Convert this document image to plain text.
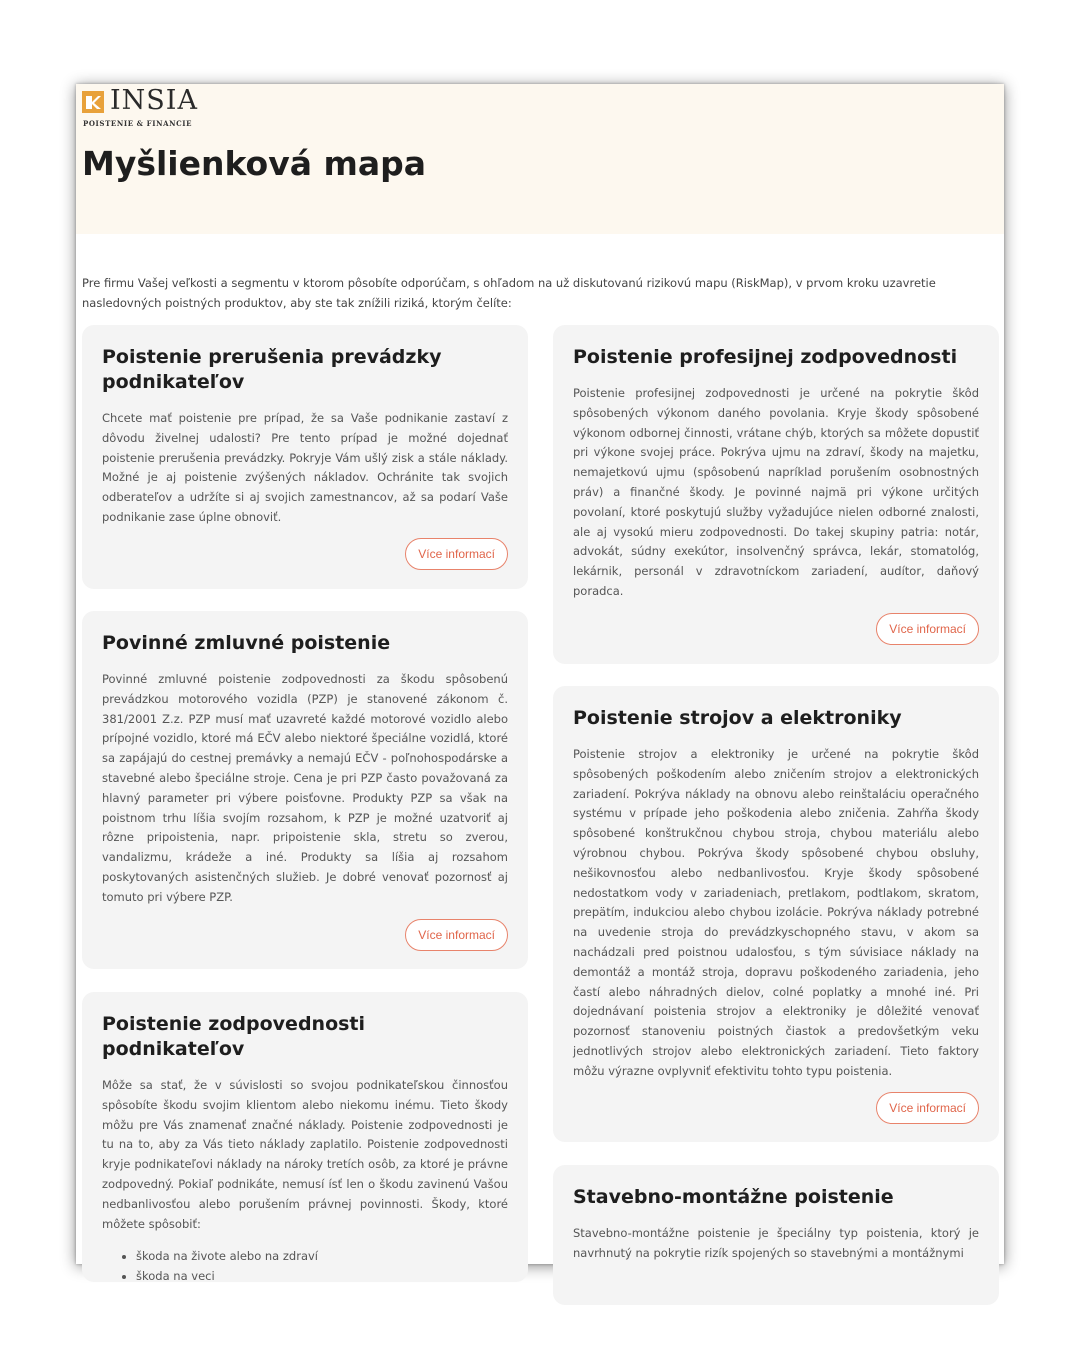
INSIA
POISTENIE & FINANCIE
Myšlienková mapa

Pre firmu Vašej veľkosti a segmentu v ktorom pôsobíte odporúčam, s ohľadom na už diskutovanú rizikovú mapu (RiskMap), v prvom kroku uzavretie nasledovných poistných produktov, aby ste tak znížili riziká, ktorým čelíte:

Poistenie prerušenia prevádzky podnikateľov

Chcete mať poistenie pre prípad, že sa Vaše podnikanie zastaví z dôvodu živelnej udalosti? Pre tento prípad je možné dojednať poistenie prerušenia prevádzky. Pokryje Vám ušlý zisk a stále náklady. Možné je aj poistenie zvýšených nákladov. Ochránite tak svojich odberateľov a udržíte si aj svojich zamestnancov, až sa podarí Vaše podnikanie zase úplne obnoviť.

Více informací
Povinné zmluvné poistenie

Povinné zmluvné poistenie zodpovednosti za škodu spôsobenú prevádzkou motorového vozidla (PZP) je stanovené zákonom č. 381/2001 Z.z. PZP musí mať uzavreté každé motorové vozidlo alebo prípojné vozidlo, ktoré má EČV alebo niektoré špeciálne vozidlá, ktoré sa zapájajú do cestnej premávky a nemajú EČV - poľnohospodárske a stavebné alebo špeciálne stroje. Cena je pri PZP často považovaná za hlavný parameter pri výbere poisťovne. Produkty PZP sa však na poistnom trhu líšia svojím rozsahom, k PZP je možné uzatvoriť aj rôzne pripoistenia, napr. pripoistenie skla, stretu so zverou, vandalizmu, krádeže a iné. Produkty sa líšia aj rozsahom poskytovaných asistenčných služieb. Je dobré venovať pozornosť aj tomuto pri výbere PZP.

Více informací
Poistenie zodpovednosti podnikateľov

Môže sa stať, že v súvislosti so svojou podnikateľskou činnosťou spôsobíte škodu svojim klientom alebo niekomu inému. Tieto škody môžu pre Vás znamenať značné náklady. Poistenie zodpovednosti je tu na to, aby za Vás tieto náklady zaplatilo. Poistenie zodpovednosti kryje podnikateľovi náklady na nároky tretích osôb, za ktoré je právne zodpovedný. Pokiaľ podnikáte, nemusí ísť len o škodu zavinenú Vašou nedbanlivosťou alebo porušením právnej povinnosti. Škody, ktoré môžete spôsobiť:

• škoda na živote alebo na zdraví
• škoda na veci
Poistenie profesijnej zodpovednosti

Poistenie profesijnej zodpovednosti je určené na pokrytie škôd spôsobených výkonom daného povolania. Kryje škody spôsobené výkonom odbornej činnosti, vrátane chýb, ktorých sa môžete dopustiť pri výkone svojej práce. Pokrýva ujmu na zdraví, škody na majetku, nemajetkovú ujmu (spôsobenú napríklad porušením osobnostných práv) a finančné škody. Je povinné najmä pri výkone určitých povolaní, ktoré poskytujú služby vyžadujúce nielen odborné znalosti, ale aj vysokú mieru zodpovednosti. Do takej skupiny patria: notár, advokát, súdny exekútor, insolvenčný správca, lekár, stomatológ, lekárnik, personál v zdravotníckom zariadení, audítor, daňový poradca.

Více informací
Poistenie strojov a elektroniky

Poistenie strojov a elektroniky je určené na pokrytie škôd spôsobených poškodením alebo zničením strojov a elektronických zariadení. Pokrýva náklady na obnovu alebo reinštaláciu operačného systému v prípade jeho poškodenia alebo zničenia. Zahŕňa škody spôsobené konštrukčnou chybou stroja, chybou materiálu alebo výrobnou chybou. Pokrýva škody spôsobené chybou obsluhy, nešikovnosťou alebo nedbanlivosťou. Kryje škody spôsobené nedostatkom vody v zariadeniach, pretlakom, podtlakom, skratom, prepätím, indukciou alebo chybou izolácie. Pokrýva náklady potrebné na uvedenie stroja do prevádzkyschopného stavu, v akom sa nachádzali pred poistnou udalosťou, s tým súvisiace náklady na demontáž a montáž stroja, dopravu poškodeného zariadenia, jeho častí alebo náhradných dielov, colné poplatky a mnohé iné. Pri dojednávaní poistenia strojov a elektroniky je dôležité venovať pozornosť stanoveniu poistných čiastok a predovšetkým veku jednotlivých strojov alebo elektronických zariadení. Tieto faktory môžu výrazne ovplyvniť efektivitu tohto typu poistenia.

Více informací
Stavebno-montážne poistenie

Stavebno-montážne poistenie je špeciálny typ poistenia, ktorý je navrhnutý na pokrytie rizík spojených so stavebnými a montážnymi
